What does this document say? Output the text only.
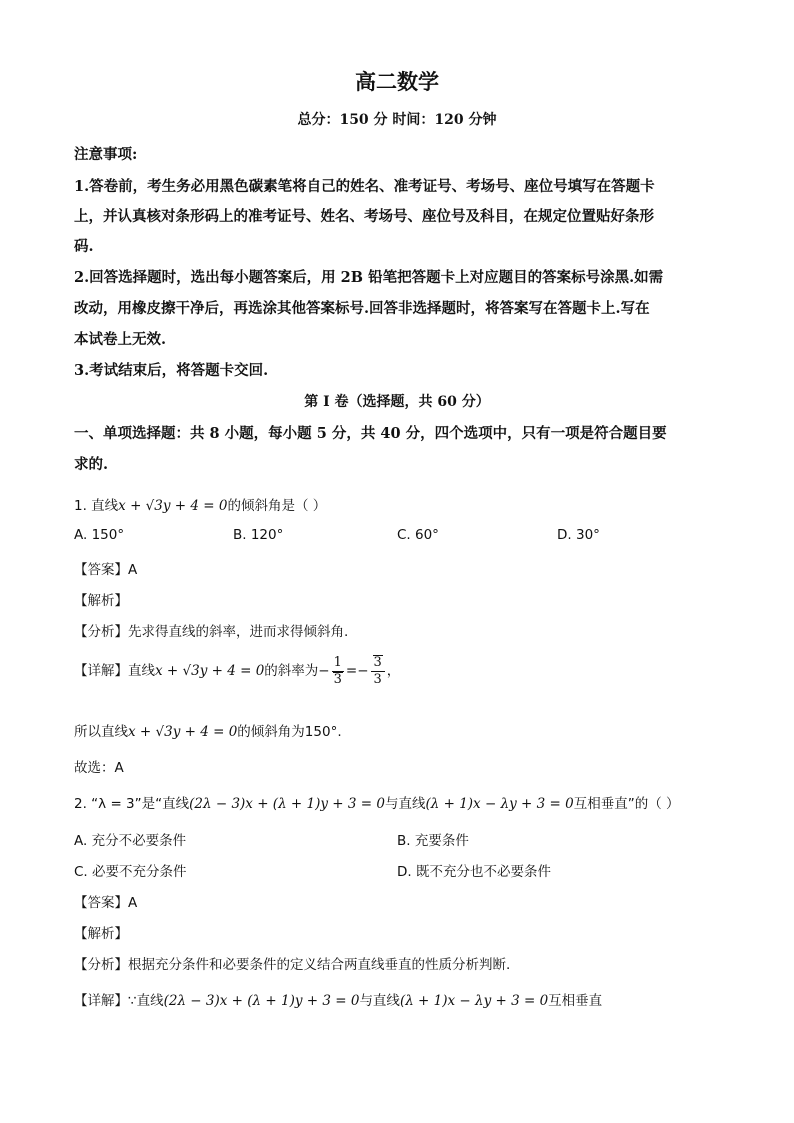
高二数学
总分：150 分 时间：120 分钟
注意事项:
1.答卷前，考生务必用黑色碳素笔将自己的姓名、准考证号、考场号、座位号填写在答题卡
上，并认真核对条形码上的准考证号、姓名、考场号、座位号及科目，在规定位置贴好条形
码.
2.回答选择题时，选出每小题答案后，用 2B 铅笔把答题卡上对应题目的答案标号涂黑.如需
改动，用橡皮擦干净后，再选涂其他答案标号.回答非选择题时，将答案写在答题卡上.写在
本试卷上无效.
3.考试结束后，将答题卡交回.
第 I 卷（选择题，共 60 分）
一、单项选择题：共 8 小题，每小题 5 分，共 40 分，四个选项中，只有一项是符合题目要
求的.
1. 直线x + √3y + 4 = 0的倾斜角是（ ）
A. 150°	B. 120°	C. 60°	D. 30°
【答案】A
【解析】
【分析】先求得直线的斜率，进而求得倾斜角.
【详解】直线x + √3y + 4 = 0的斜率为− $\frac{1}{3} =- \frac{3}{3}$ ，
所以直线x + √3y + 4 = 0的倾斜角为150°.
故选：A
2. “λ = 3”是“直线(2λ − 3)x + (λ + 1)y + 3 = 0与直线(λ + 1)x − λy + 3 = 0互相垂直”的（ ）
A. 充分不必要条件	B. 充要条件
C. 必要不充分条件	D. 既不充分也不必要条件
【答案】A
【解析】
【分析】根据充分条件和必要条件的定义结合两直线垂直的性质分析判断.
【详解】∵直线(2λ − 3)x + (λ + 1)y + 3 = 0与直线(λ + 1)x − λy + 3 = 0互相垂直
